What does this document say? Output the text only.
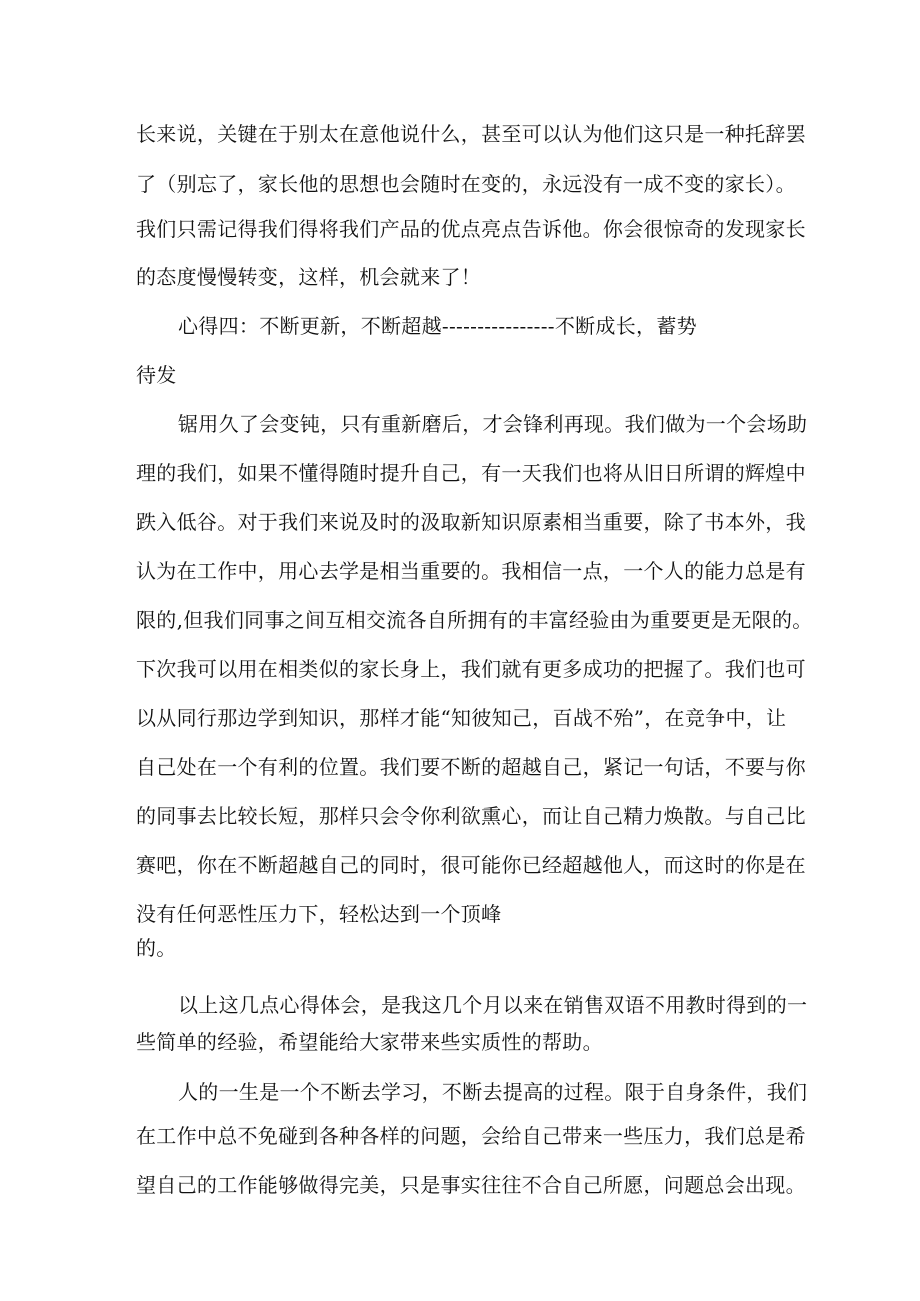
长来说，关键在于别太在意他说什么，甚至可以认为他们这只是一种托辞罢
了（别忘了，家长他的思想也会随时在变的，永远没有一成不变的家长）。
我们只需记得我们得将我们产品的优点亮点告诉他。你会很惊奇的发现家长
的态度慢慢转变，这样，机会就来了！
心得四：不断更新，不断超越----------------不断成长，蓄势
待发
锯用久了会变钝，只有重新磨后，才会锋利再现。我们做为一个会场助
理的我们，如果不懂得随时提升自己，有一天我们也将从旧日所谓的辉煌中
跌入低谷。对于我们来说及时的汲取新知识原素相当重要，除了书本外，我
认为在工作中，用心去学是相当重要的。我相信一点，一个人的能力总是有
限的,但我们同事之间互相交流各自所拥有的丰富经验由为重要更是无限的。
下次我可以用在相类似的家长身上，我们就有更多成功的把握了。我们也可
以从同行那边学到知识，那样才能“知彼知己，百战不殆”，在竞争中，让
自己处在一个有利的位置。我们要不断的超越自己，紧记一句话，不要与你
的同事去比较长短，那样只会令你利欲熏心，而让自己精力焕散。与自己比
赛吧，你在不断超越自己的同时，很可能你已经超越他人，而这时的你是在
没有任何恶性压力下，轻松达到一个顶峰
的。
以上这几点心得体会，是我这几个月以来在销售双语不用教时得到的一
些简单的经验，希望能给大家带来些实质性的帮助。
人的一生是一个不断去学习，不断去提高的过程。限于自身条件，我们
在工作中总不免碰到各种各样的问题，会给自己带来一些压力，我们总是希
望自己的工作能够做得完美，只是事实往往不合自己所愿，问题总会出现。
